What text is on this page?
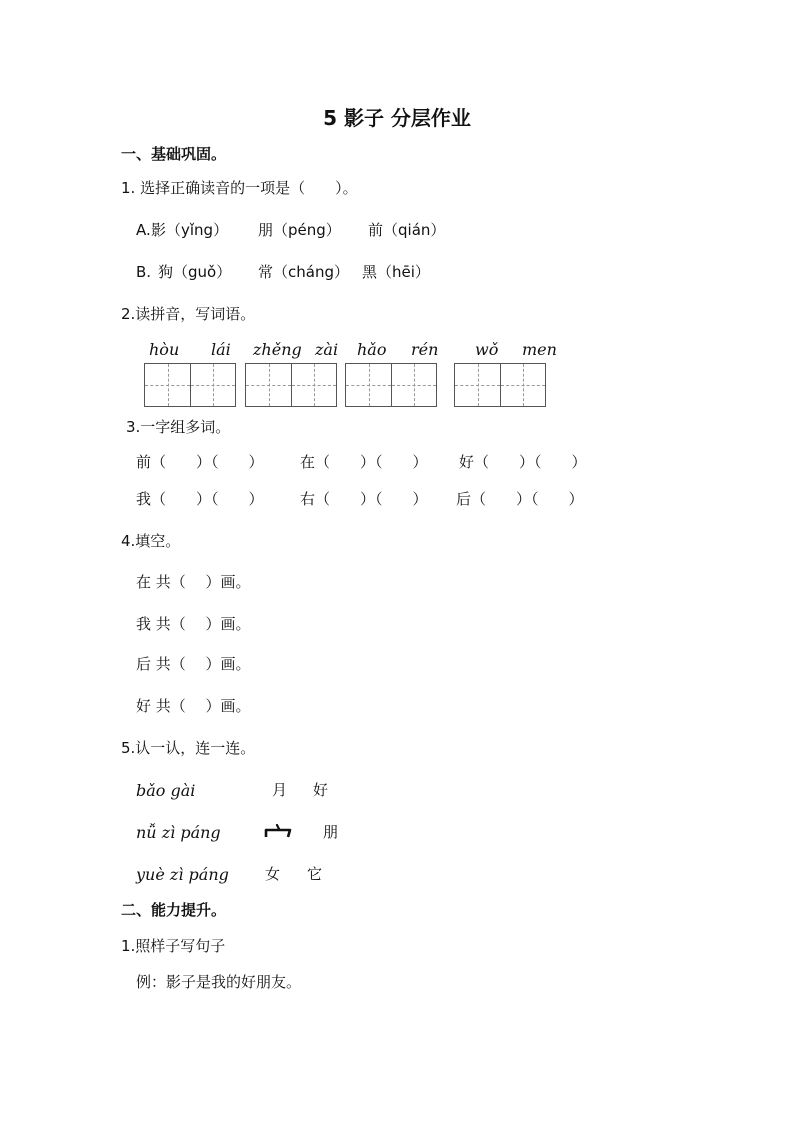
5 影子 分层作业
一、基础巩固。
1. 选择正确读音的一项是（　　）。
A. 影（yǐng） 朋（péng） 前（qián）
B. 狗（guǒ） 常（cháng） 黑（hēi）
2.读拼音，写词语。
hòu lái zhěng zài hǎo rén wǒ men
3.一字组多词。
前（　　）（　　） 在（　　）（　　） 好（　　）（　　）
我（　　）（　　） 右（　　）（　　） 后（　　）（　　）
4.填空。
在 共（　 ）画。
我 共（　 ）画。
后 共（　 ）画。
好 共（　 ）画。
5.认一认，连一连。
bǎo gài
nǚ zì páng
yuè zì páng
月 好
朋
女 它
二、能力提升。
1.照样子写句子
例：影子是我的好朋友。
